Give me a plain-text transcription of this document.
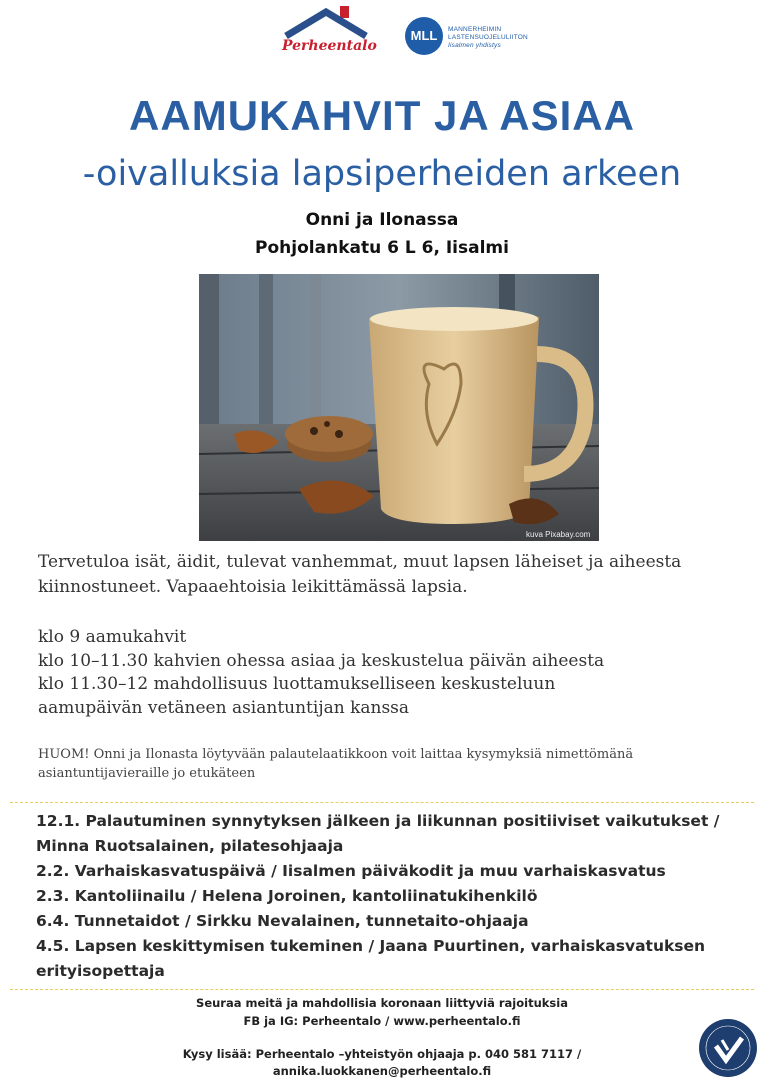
Perheentalo
MLL	MANNERHEIMIN
LASTENSUOJELULIITON
Iisalmen yhdistys
AAMUKAHVIT JA ASIAA
-oivalluksia lapsiperheiden arkeen
Onni ja Ilonassa
Pohjolankatu 6 L 6, Iisalmi
kuva Pixabay.com
Tervetuloa isät, äidit, tulevat vanhemmat, muut lapsen läheiset ja aiheesta kiinnostuneet. Vapaaehtoisia leikittämässä lapsia.
klo 9 aamukahvit
klo 10–11.30 kahvien ohessa asiaa ja keskustelua päivän aiheesta
klo 11.30–12 mahdollisuus luottamukselliseen keskusteluun
aamupäivän vetäneen asiantuntijan kanssa
HUOM! Onni ja Ilonasta löytyvään palautelaatikkoon voit laittaa kysymyksiä nimettömänä asiantuntijavieraille jo etukäteen
12.1. Palautuminen synnytyksen jälkeen ja liikunnan positiiviset vaikutukset / Minna Ruotsalainen, pilatesohjaaja
2.2. Varhaiskasvatuspäivä / Iisalmen päiväkodit ja muu varhaiskasvatus
2.3. Kantoliinailu / Helena Joroinen, kantoliinatukihenkilö
6.4. Tunnetaidot / Sirkku Nevalainen, tunnetaito-ohjaaja
4.5. Lapsen keskittymisen tukeminen / Jaana Puurtinen, varhaiskasvatuksen erityisopettaja
Seuraa meitä ja mahdollisia koronaan liittyviä rajoituksia
FB ja IG: Perheentalo / www.perheentalo.fi
Kysy lisää: Perheentalo –yhteistyön ohjaaja p. 040 581 7117 /
annika.luokkanen@perheentalo.fi
